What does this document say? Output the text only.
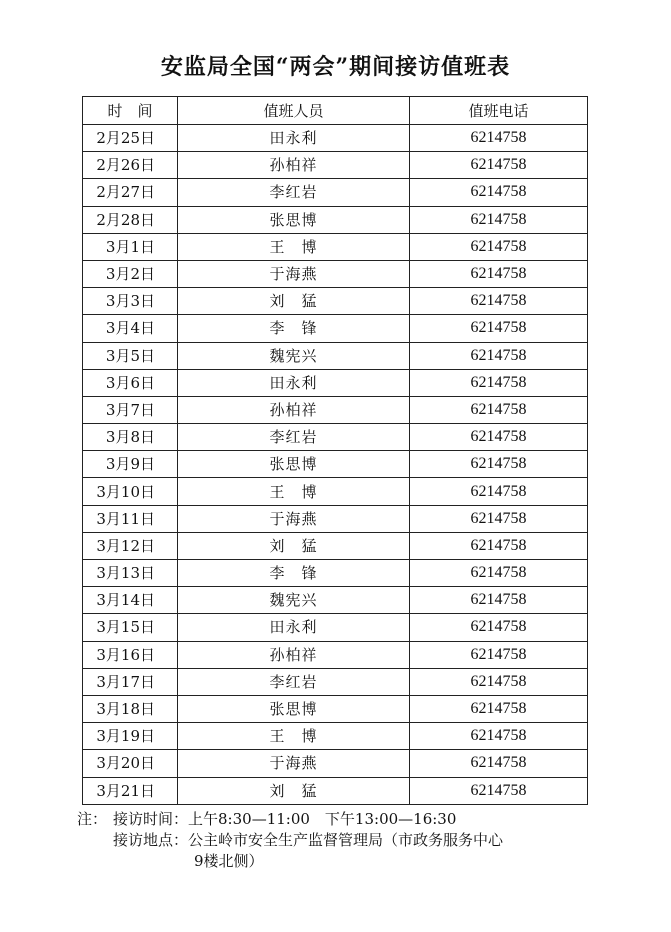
安监局全国“两会”期间接访值班表
时　间	值班人员	值班电话
2月25日	田永利	6214758
2月26日	孙柏祥	6214758
2月27日	李红岩	6214758
2月28日	张思博	6214758
3月1日	王　博	6214758
3月2日	于海燕	6214758
3月3日	刘　猛	6214758
3月4日	李　锋	6214758
3月5日	魏宪兴	6214758
3月6日	田永利	6214758
3月7日	孙柏祥	6214758
3月8日	李红岩	6214758
3月9日	张思博	6214758
3月10日	王　博	6214758
3月11日	于海燕	6214758
3月12日	刘　猛	6214758
3月13日	李　锋	6214758
3月14日	魏宪兴	6214758
3月15日	田永利	6214758
3月16日	孙柏祥	6214758
3月17日	李红岩	6214758
3月18日	张思博	6214758
3月19日	王　博	6214758
3月20日	于海燕	6214758
3月21日	刘　猛	6214758
注： 接访时间： 上午8:30—11:00　下午13:00—16:30
接访地点： 公主岭市安全生产监督管理局（市政务服务中心
9楼北侧）
